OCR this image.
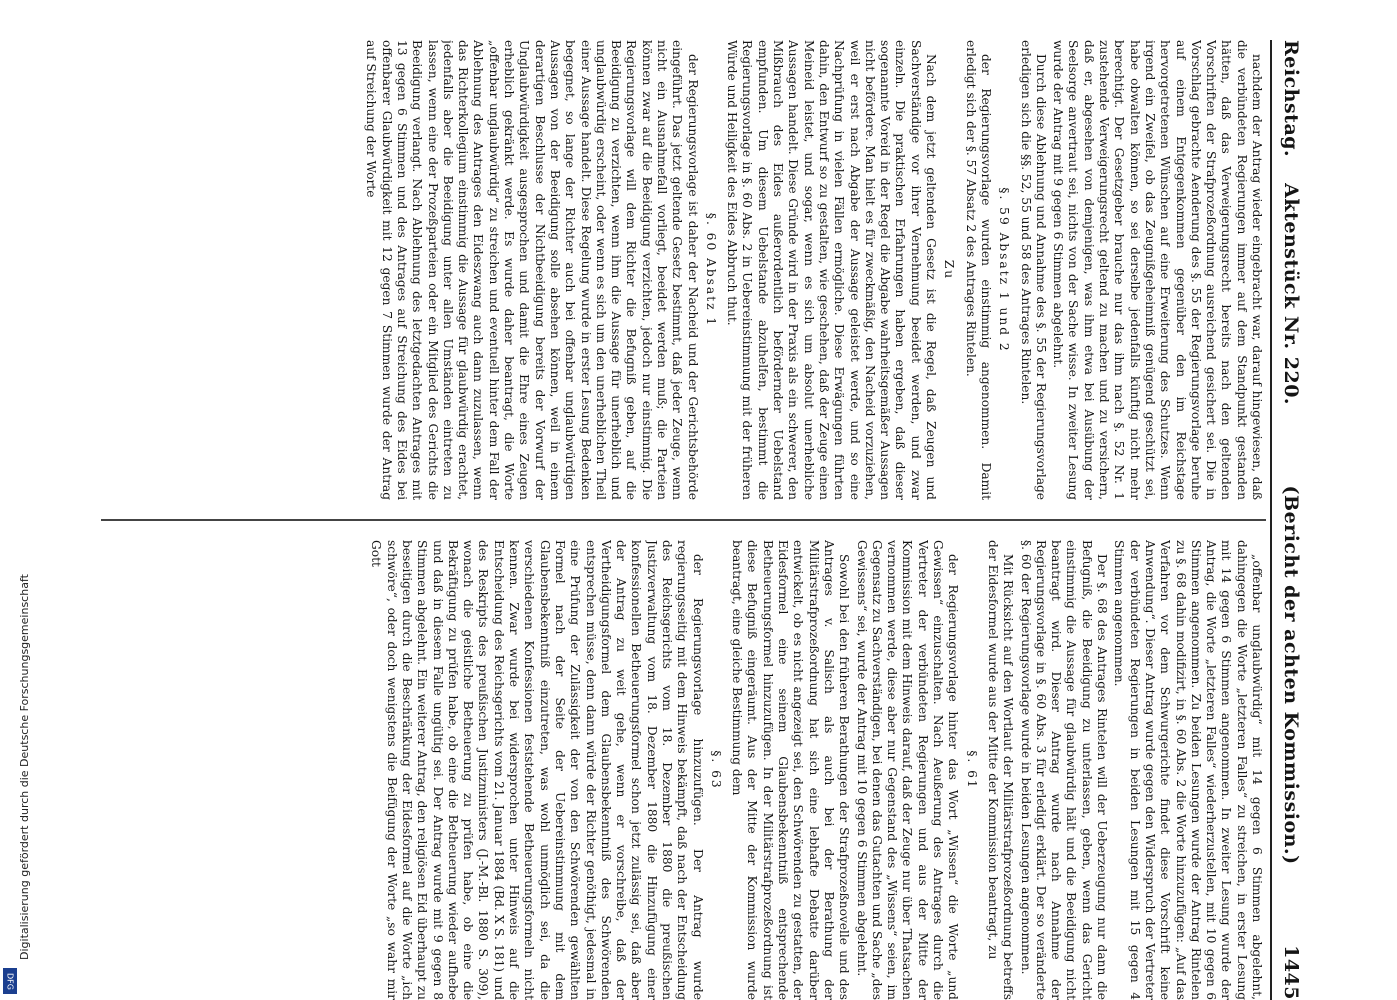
Digitalisierung gefördert durch die Deutsche Forschungsgemeinschaft
DFG
Reichstag.
Aktenstück Nr. 220.
(Bericht der achten Kommission.)
1445

nachdem der Antrag wieder eingebracht war, darauf hingewiesen, daß die verbündeten Regierungen immer auf dem Standpunkt gestanden hätten, daß das Verweigerungsrecht bereits nach den geltenden Vorschriften der Strafprozeßordnung ausreichend gesichert sei. Die in Vorschlag gebrachte Aenderung des §. 55 der Regierungsvorlage beruhe auf einem Entgegenkommen gegenüber den im Reichstage hervorgetretenen Wünschen auf eine Erweiterung des Schutzes. Wenn irgend ein Zweifel, ob das Zeugnißgeheimniß genügend geschützt sei, habe obwalten können, so sei derselbe jedenfalls künftig nicht mehr berechtigt. Der Gesetzgeber brauche nur das ihm nach §. 52 Nr. 1 zustehende Verweigerungsrecht geltend zu machen und zu versichern, daß er, abgesehen von demjenigen, was ihm etwa bei Ausübung der Seelsorge anvertraut sei, nichts von der Sache wisse. In zweiter Lesung wurde der Antrag mit 9 gegen 6 Stimmen abgelehnt.

Durch diese Ablehnung und Annahme des §. 55 der Regierungsvorlage erledigen sich die §§. 52, 55 und 58 des Antrages Rintelen.

§. 59 Absatz 1 und 2

der Regierungsvorlage wurden einstimmig angenommen. Damit erledigt sich der §. 57 Absatz 2 des Antrages Rintelen.

Zu

Nach dem jetzt geltenden Gesetz ist die Regel, daß Zeugen und Sachverständige vor ihrer Vernehmung beeidet werden, und zwar einzeln. Die praktischen Erfahrungen haben ergeben, daß dieser sogenannte Voreid in der Regel die Abgabe wahrheitsgemäßer Aussagen nicht befördere. Man hielt es für zweckmäßig, den Nacheid vorzuziehen, weil er erst nach Abgabe der Aussage geleistet werde, und so eine Nachprüfung in vielen Fällen ermögliche. Diese Erwägungen führten dahin, den Entwurf so zu gestalten, wie geschehen, daß der Zeuge einen Meineid leistet, und sogar, wenn es sich um absolut unerhebliche Aussagen handelt. Diese Gründe wird in der Praxis als ein schwerer, den Mißbrauch des Eides außerordentlich befördernder Uebelstand empfunden. Um diesem Uebelstande abzuhelfen, bestimmt die Regierungsvorlage in §. 60 Abs. 2 in Uebereinstimmung mit der früheren Würde und Heiligkeit des Eides Abbruch thut.

§. 60 Absatz 1

der Regierungsvorlage ist daher der Nacheid und der Gerichtsbehörde eingeführt. Das jetzt geltende Gesetz bestimmt, daß jeder Zeuge, wenn nicht ein Ausnahmefall vorliegt, beeidet werden muß; die Parteien können zwar auf die Beeidigung verzichten, jedoch nur einstimmig. Die Regierungsvorlage will dem Richter die Befugniß geben, auf die Beeidigung zu verzichten, wenn ihm die Aussage für unerheblich und unglaubwürdig erscheint, oder wenn es sich um den unerheblichen Theil einer Aussage handelt. Diese Regelung wurde in erster Lesung Bedenken begegnet, so lange der Richter auch bei offenbar unglaubwürdigen Aussagen von der Beeidigung solle absehen können, weil in einem derartigen Beschlusse der Nichtbeeidigung bereits der Vorwurf der Unglaubwürdigkeit ausgesprochen und damit die Ehre eines Zeugen erheblich gekränkt werde. Es wurde daher beantragt, die Worte „offenbar unglaubwürdig“ zu streichen und eventuell hinter dem Fall der Ablehnung des Antrages den Eideszwang auch dann zuzulassen, wenn das Richterkollegium einstimmig die Aussage für glaubwürdig erachtet, jedenfalls aber die Beeidigung unter allen Umständen eintreten zu lassen, wenn eine der Prozeßparteien oder ein Mitglied des Gerichts die Beeidigung verlangt. Nach Ablehnung des letztgedachten Antrages mit 13 gegen 6 Stimmen und des Antrages auf Streichung des Eides bei offenbarer Glaubwürdigkeit mit 12 gegen 7 Stimmen wurde der Antrag auf Streichung der Worte

„offenbar unglaubwürdig“ mit 14 gegen 6 Stimmen abgelehnt, dahingegen die Worte „letzteren Falles“ zu streichen, in erster Lesung mit 14 gegen 6 Stimmen angenommen. In zweiter Lesung wurde der Antrag, die Worte „letzteren Falles“ wiederherzustellen, mit 10 gegen 6 Stimmen angenommen. Zu beiden Lesungen wurde der Antrag Rintelen zu §. 68 dahin modifizirt, in §. 60 Abs. 2 die Worte hinzuzufügen: „Auf das Verfahren vor dem Schwurgerichte findet diese Vorschrift keine Anwendung“. Dieser Antrag wurde gegen den Widerspruch der Vertreter der verbündeten Regierungen in beiden Lesungen mit 15 gegen 4 Stimmen angenommen.

Der §. 68 des Antrages Rintelen will der Ueberzeugung nur dann die Befugniß, die Beeidigung zu unterlassen, geben, wenn das Gericht einstimmig die Aussage für glaubwürdig hält und die Beeidigung nicht beantragt wird. Dieser Antrag wurde nach Annahme der Regierungsvorlage in §. 60 Abs. 3 für erledigt erklärt. Der so veränderte §. 60 der Regierungsvorlage wurde in beiden Lesungen angenommen.

Mit Rücksicht auf den Wortlaut der Militärstrafprozeßordnung betreffs der Eidesformel wurde aus der Mitte der Kommission beantragt, zu

§. 61

der Regierungsvorlage hinter das Wort „Wissen“ die Worte „und Gewissen“ einzuschalten. Nach Aeußerung des Antrages durch die Vertreter der verbündeten Regierungen und aus der Mitte der Kommission mit dem Hinweis darauf, daß der Zeuge nur über Thatsachen vernommen werde, diese aber nur Gegenstand des „Wissens“ seien, im Gegensatz zu Sachverständigen, bei denen das Gutachten und Sache „des Gewissens“ sei, wurde der Antrag mit 10 gegen 6 Stimmen abgelehnt.

Sowohl bei den früheren Berathungen der Strafprozeßnovelle und des Antrages v. Salisch als auch bei der Berathung der Militärstrafprozeßordnung hat sich eine lebhafte Debatte darüber entwickelt, ob es nicht angezeigt sei, den Schwörenden zu gestatten, der Eidesformel eine seinem Glaubensbekenntniß entsprechende Betheuerungsformel hinzuzufügen. In der Militärstrafprozeßordnung ist diese Befugniß eingeräumt. Aus der Mitte der Kommission wurde beantragt, eine gleiche Bestimmung dem

§. 63

der Regierungsvorlage hinzuzufügen. Der Antrag wurde regierungsseitig mit dem Hinweis bekämpft, daß nach der Entscheidung des Reichsgerichts vom 18. Dezember 1880 die preußischen Justizverwaltung vom 18. Dezember 1880 die Hinzufügung einer konfessionellen Betheuerungsformel schon jetzt zulässig sei, daß aber der Antrag zu weit gehe, wenn er vorschreibe, daß der Vertheidigungsformel dem Glaubensbekenntniß des Schwörenden entsprechen müsse, denn dann würde der Richter genöthigt, jedesmal in eine Prüfung der Zulässigkeit der von den Schwörenden gewählten Formel nach der Seite der Uebereinstimmung mit dem Glaubensbekenntniß einzutreten, was wohl unmöglich sei, da die verschiedenen Konfessionen feststehende Betheuerungsformeln nicht kennen. Zwar wurde bei widersprochen unter Hinweis auf die Entscheidung des Reichsgerichts vom 21. Januar 1884 (Bd. X S. 181) und des Reskripts des preußischen Justizministers (J.-M.-Bl. 1880 S. 309), wonach die geistliche Betheuerung zu prüfen habe, ob eine die Bekräftigung zu prüfen habe, ob eine die Betheuerung wieder aufhebe und daß in diesem Falle ungültig sei. Der Antrag wurde mit 9 gegen 8 Stimmen abgelehnt. Ein weiterer Antrag, den religiösen Eid überhaupt zu beseitigen durch die Beschränkung der Eidesformel auf die Worte „ich schwöre“, oder doch wenigstens die Beifügung der Worte „so wahr mir Gott
